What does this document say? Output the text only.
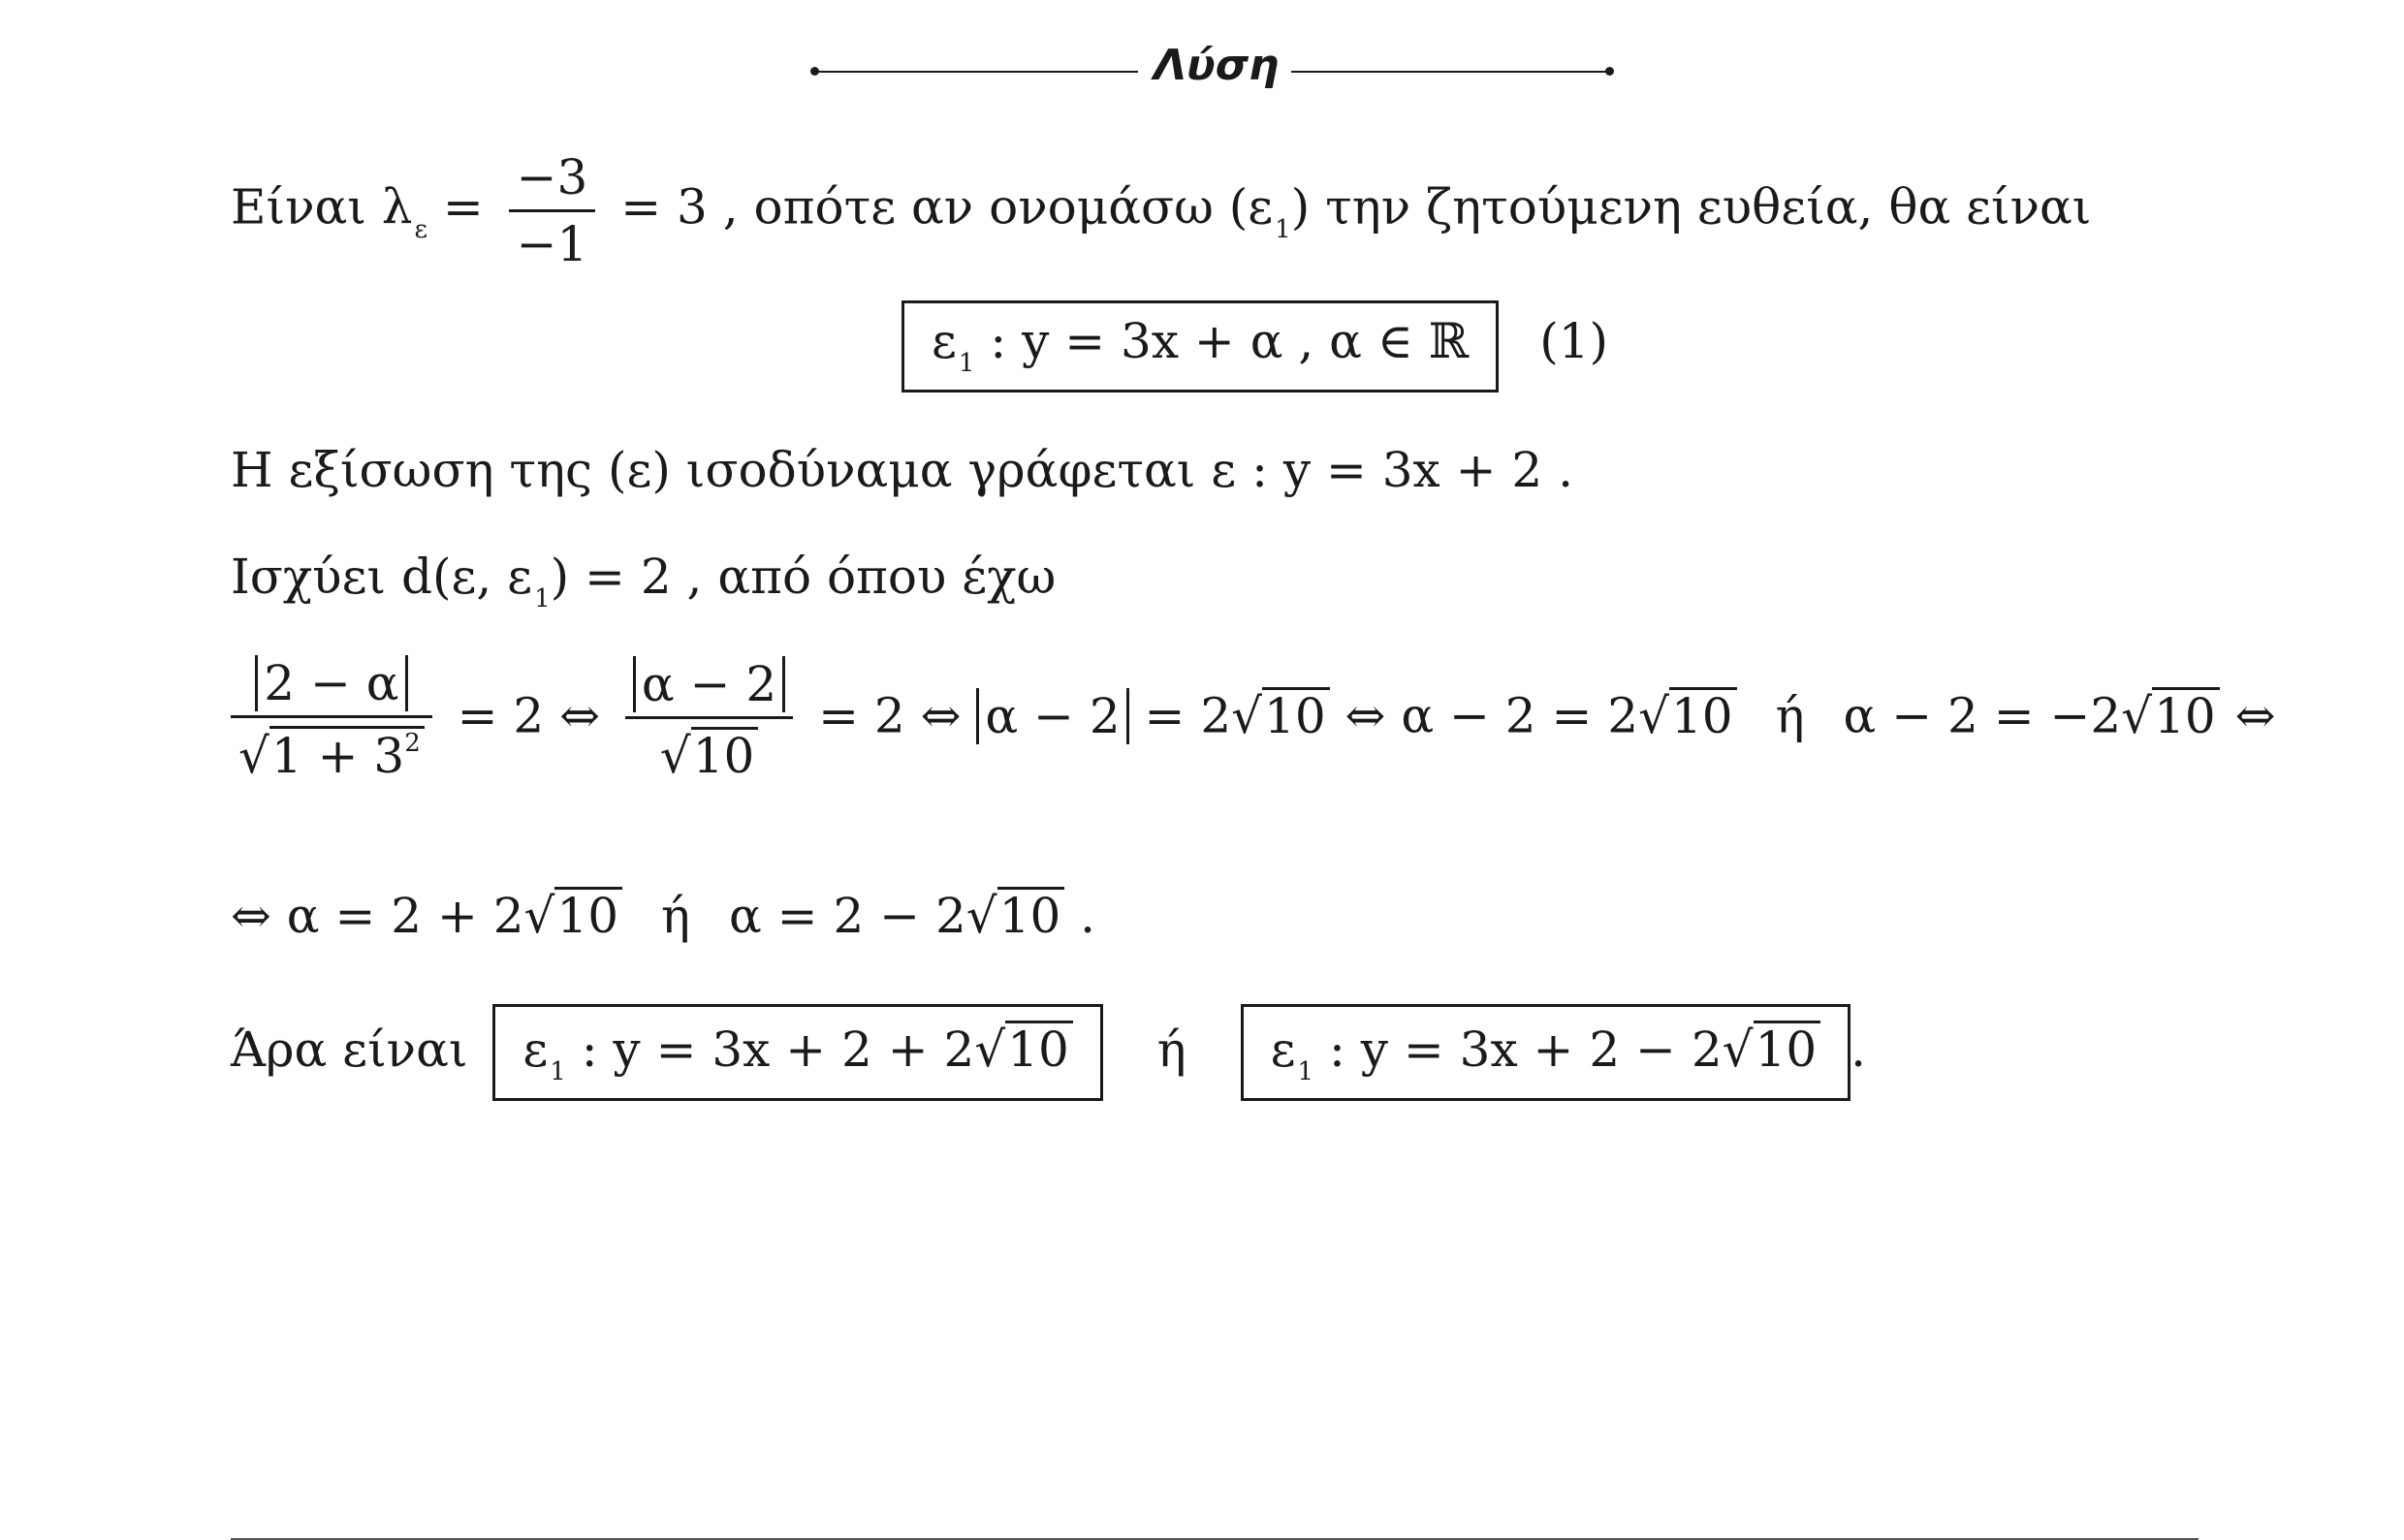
Λύση
Είναι $\lambda_\varepsilon = \frac{-3}{-1} = 3$ , οπότε αν ονομάσω $(\varepsilon_1)$ την ζητούμενη ευθεία, θα είναι
$\varepsilon_1$ : y = 3x + α , α ∈ ℝ (1)
Η εξίσωση της (ε) ισοδύναμα γράφεται ε : y = 3x + 2 .
Ισχύει d(ε, $\varepsilon_1) = 2$ , από όπου έχω
$\frac{2 - \alpha}{√1 + 3^2} = 2$ ⇔ $\frac{\alpha - 2}{√10} = 2$ ⇔ α − 2 = 2√10 ⇔ α − 2 = 2√10 ή α − 2 = −2√10 ⇔
⇔ α = 2 + 2√10 ή α = 2 − 2√10 .
Άρα είναι $\varepsilon_1$ : y = 3x + 2 + 2√10 ή $\varepsilon_1$ : y = 3x + 2 − 2√10 .
